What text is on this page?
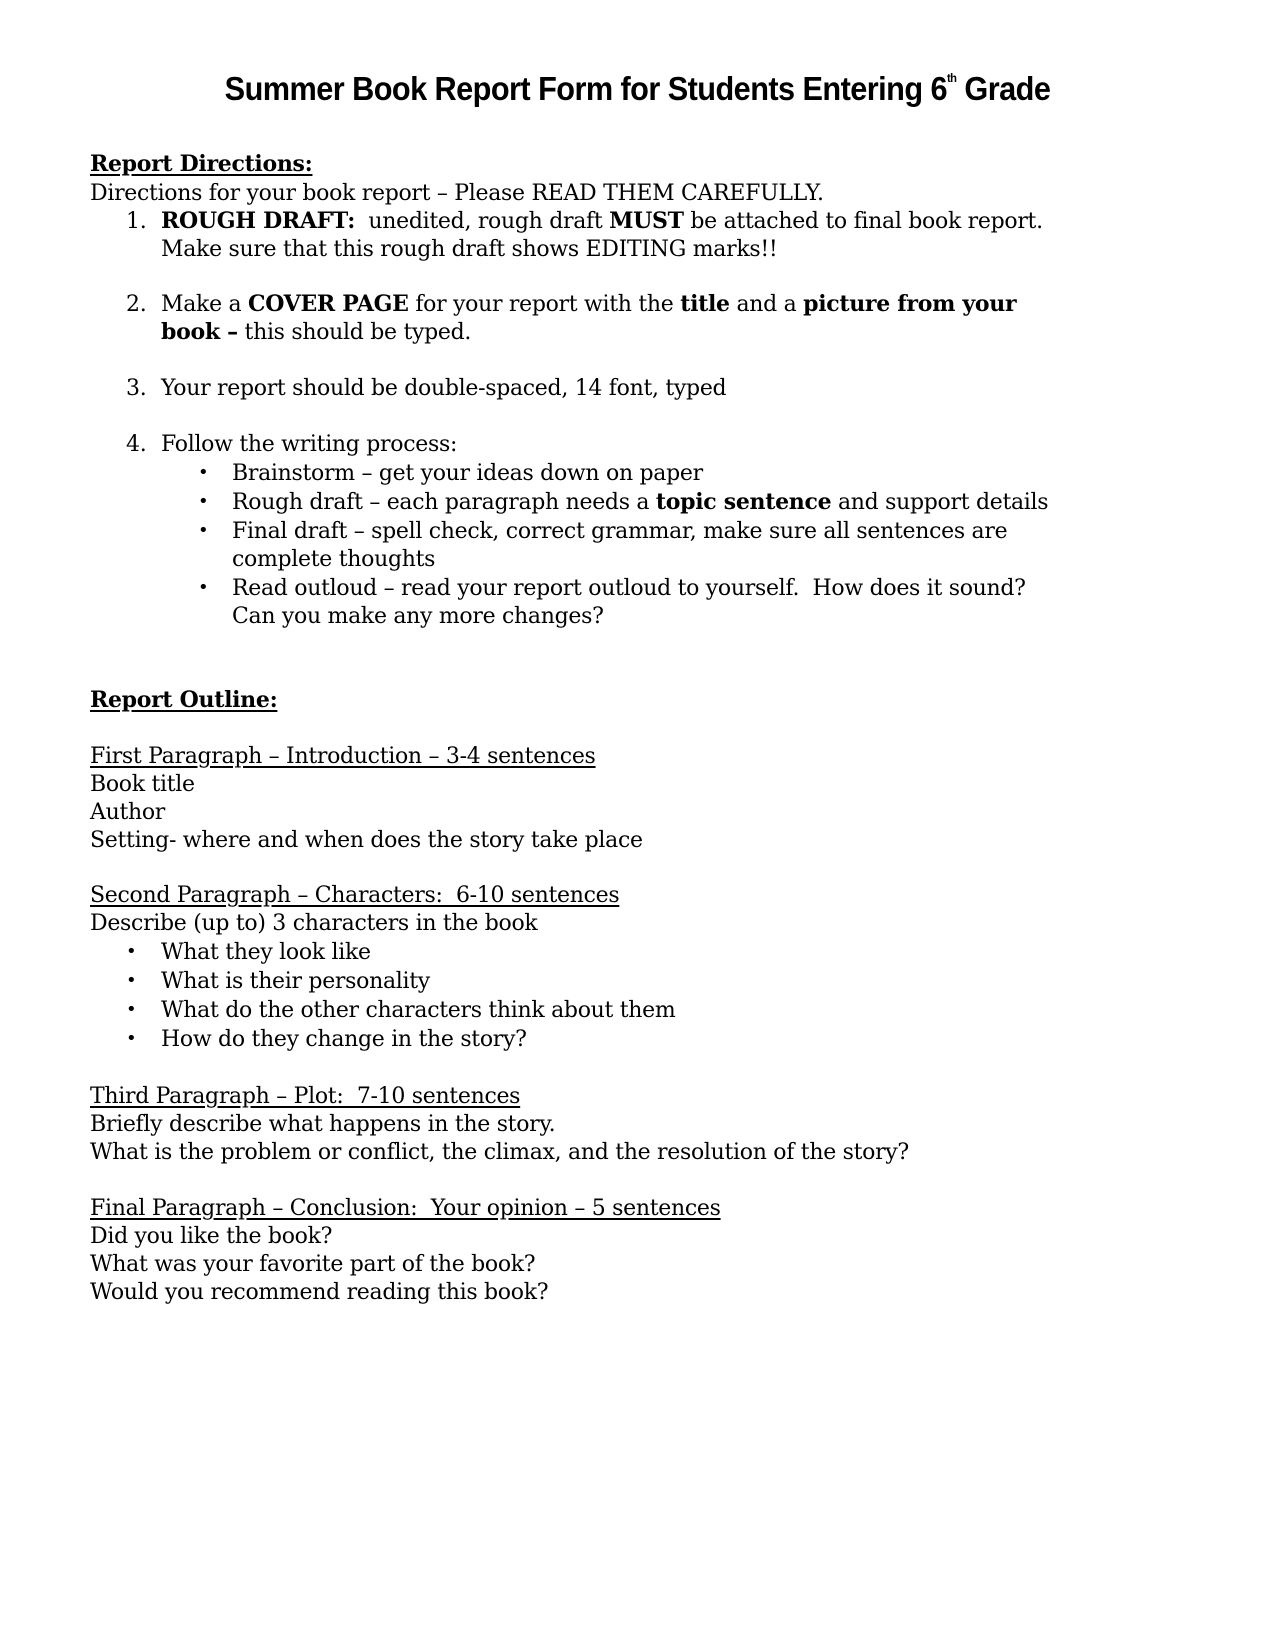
Summer Book Report Form for Students Entering 6th Grade
Report Directions:
Directions for your book report – Please READ THEM CAREFULLY.
1. ROUGH DRAFT:  unedited, rough draft MUST be attached to final book report.
Make sure that this rough draft shows EDITING marks!!
2. Make a COVER PAGE for your report with the title and a picture from your
book – this should be typed.
3. Your report should be double-spaced, 14 font, typed
4. Follow the writing process:
• Brainstorm – get your ideas down on paper
• Rough draft – each paragraph needs a topic sentence and support details
• Final draft – spell check, correct grammar, make sure all sentences are
complete thoughts
• Read outloud – read your report outloud to yourself.  How does it sound?
Can you make any more changes?
Report Outline:
First Paragraph – Introduction – 3-4 sentences
Book title
Author
Setting- where and when does the story take place
Second Paragraph – Characters:  6-10 sentences
Describe (up to) 3 characters in the book
• What they look like
• What is their personality
• What do the other characters think about them
• How do they change in the story?
Third Paragraph – Plot:  7-10 sentences
Briefly describe what happens in the story.
What is the problem or conflict, the climax, and the resolution of the story?
Final Paragraph – Conclusion:  Your opinion – 5 sentences
Did you like the book?
What was your favorite part of the book?
Would you recommend reading this book?
